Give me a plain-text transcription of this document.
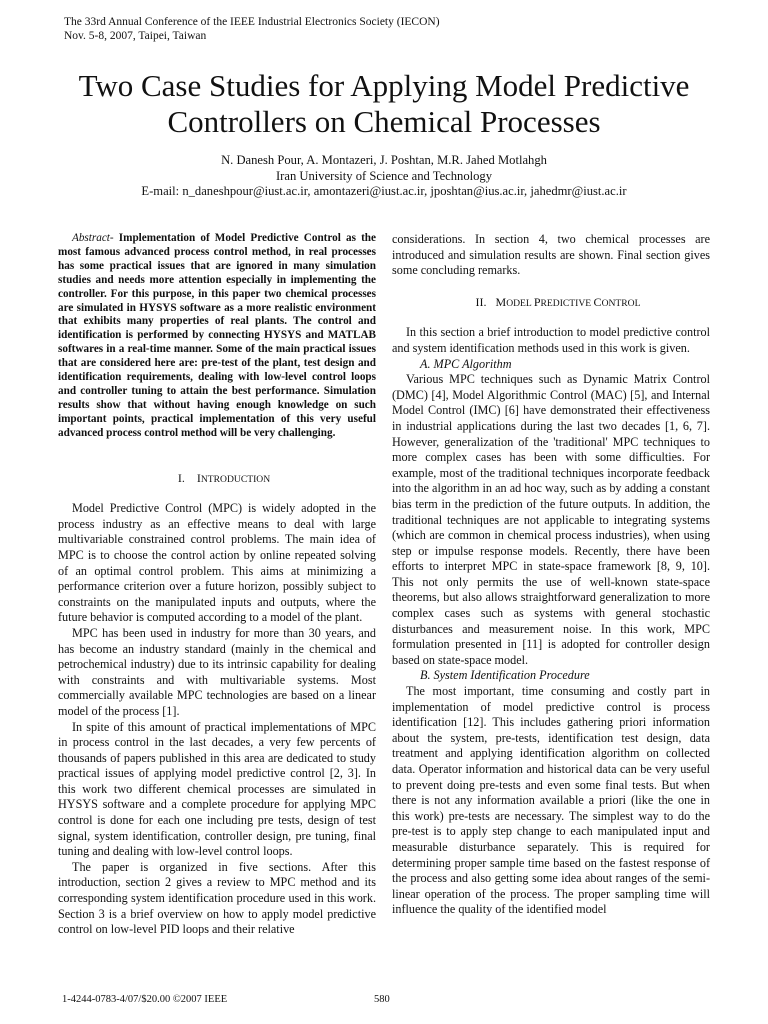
The 33rd Annual Conference of the IEEE Industrial Electronics Society (IECON)
Nov. 5-8, 2007, Taipei, Taiwan
Two Case Studies for Applying Model Predictive
Controllers on Chemical Processes
N. Danesh Pour, A. Montazeri, J. Poshtan, M.R. Jahed Motlahgh
Iran University of Science and Technology
E-mail: n_daneshpour@iust.ac.ir, amontazeri@iust.ac.ir, jposhtan@ius.ac.ir, jahedmr@iust.ac.ir

Abstract- Implementation of Model Predictive Control as the most famous advanced process control method, in real processes has some practical issues that are ignored in many simulation studies and needs more attention especially in implementing the controller. For this purpose, in this paper two chemical processes are simulated in HYSYS software as a more realistic environment that exhibits many properties of real plants. The control and identification is performed by connecting HYSYS and MATLAB softwares in a real-time manner. Some of the main practical issues that are considered here are: pre-test of the plant, test design and identification requirements, dealing with low-level control loops and controller tuning to attain the best performance. Simulation results show that without having enough knowledge on such important points, practical implementation of this very useful advanced process control method will be very challenging.

I. INTRODUCTION

Model Predictive Control (MPC) is widely adopted in the process industry as an effective means to deal with large multivariable constrained control problems. The main idea of MPC is to choose the control action by online repeated solving of an optimal control problem. This aims at minimizing a performance criterion over a future horizon, possibly subject to constraints on the manipulated inputs and outputs, where the future behavior is computed according to a model of the plant.

MPC has been used in industry for more than 30 years, and has become an industry standard (mainly in the chemical and petrochemical industry) due to its intrinsic capability for dealing with constraints and with multivariable systems. Most commercially available MPC technologies are based on a linear model of the process [1].

In spite of this amount of practical implementations of MPC in process control in the last decades, a very few percents of thousands of papers published in this area are dedicated to study practical issues of applying model predictive control [2, 3]. In this work two different chemical processes are simulated in HYSYS software and a complete procedure for applying MPC control is done for each one including pre tests, design of test signal, system identification, controller design, pre tuning, final tuning and dealing with low-level control loops.

The paper is organized in five sections. After this introduction, section 2 gives a review to MPC method and its corresponding system identification procedure used in this work. Section 3 is a brief overview on how to apply model predictive control on low-level PID loops and their relative

considerations. In section 4, two chemical processes are introduced and simulation results are shown. Final section gives some concluding remarks.

II. MODEL PREDICTIVE CONTROL

In this section a brief introduction to model predictive control and system identification methods used in this work is given.

A. MPC Algorithm

Various MPC techniques such as Dynamic Matrix Control (DMC) [4], Model Algorithmic Control (MAC) [5], and Internal Model Control (IMC) [6] have demonstrated their effectiveness in industrial applications during the last two decades [1, 6, 7]. However, generalization of the 'traditional' MPC techniques to more complex cases has been with some difficulties. For example, most of the traditional techniques incorporate feedback into the algorithm in an ad hoc way, such as by adding a constant bias term in the prediction of the future outputs. In addition, the traditional techniques are not applicable to integrating systems (which are common in chemical process industries), when using step or impulse response models. Recently, there have been efforts to interpret MPC in state-space framework [8, 9, 10]. This not only permits the use of well-known state-space theorems, but also allows straightforward generalization to more complex cases such as systems with general stochastic disturbances and measurement noise. In this work, MPC formulation presented in [11] is adopted for controller design based on state-space model.

B. System Identification Procedure

The most important, time consuming and costly part in implementation of model predictive control is process identification [12]. This includes gathering priori information about the system, pre-tests, identification test design, data treatment and applying identification algorithm on collected data. Operator information and historical data can be very useful to prevent doing pre-tests and even some final tests. But when there is not any information available a priori (like the one in this work) pre-tests are necessary. The simplest way to do the pre-test is to apply step change to each manipulated input and measurable disturbance separately. This is required for determining proper sample time based on the fastest response of the process and also getting some idea about ranges of the semi-linear operation of the process. The proper sampling time will influence the quality of the identified model

1-4244-0783-4/07/$20.00 ©2007 IEEE	580
